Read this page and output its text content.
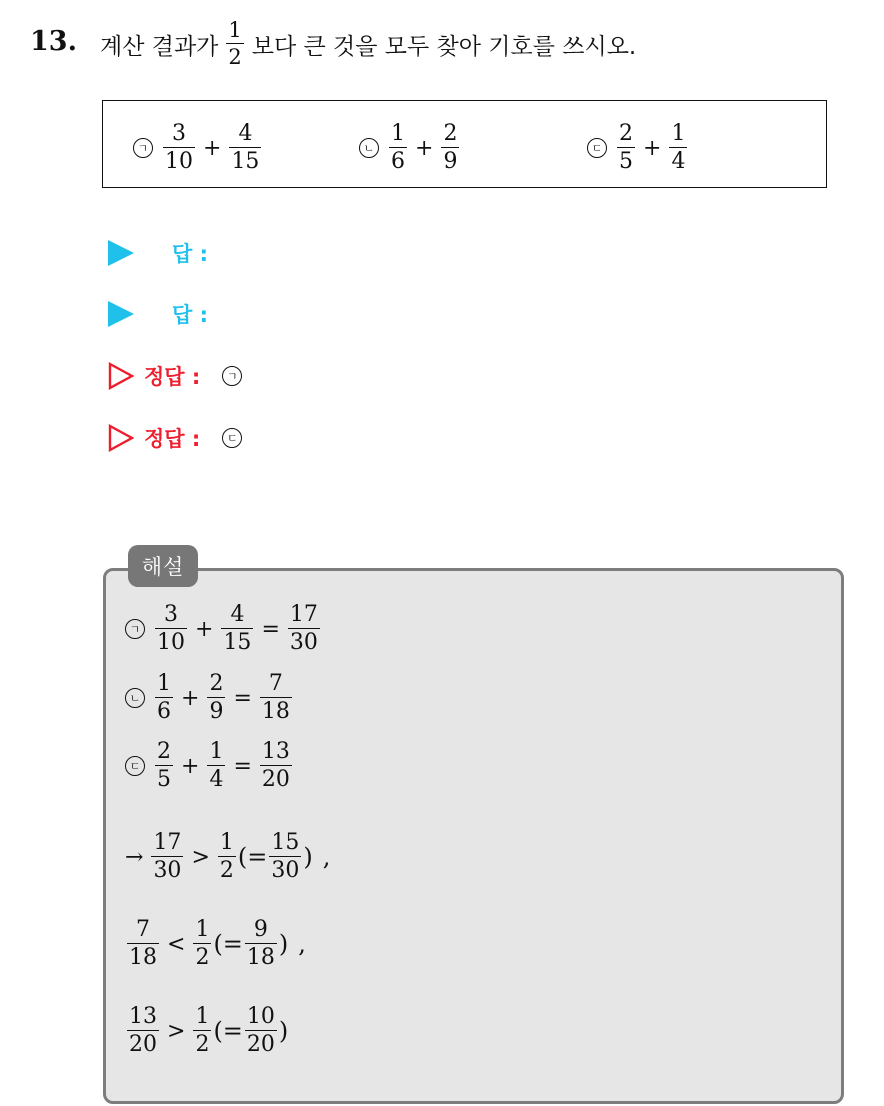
13. 계산 결과가 $\frac{1}{2}$ 보다 큰 것을 모두 찾아 기호를 쓰시오.
ㄱ $\frac{3}{10} + \frac{4}{15}$	ㄴ $\frac{1}{6} + \frac{2}{9}$	ㄷ $\frac{2}{5} + \frac{1}{4}$
답 :
답 :
정답 :	ㄱ
정답 :	ㄷ
해설
ㄱ $\frac{3}{10} + \frac{4}{15} = \frac{17}{30}$
ㄴ $\frac{1}{6} + \frac{2}{9} = \frac{7}{18}$
ㄷ $\frac{2}{5} + \frac{1}{4} = \frac{13}{20}$
→ $\frac{17}{30} > \frac{1}{2}$ (= $\frac{15}{30}$ ) ,
$\frac{7}{18} < \frac{1}{2}$ (= $\frac{9}{18}$ ) ,
$\frac{13}{20} > \frac{1}{2}$ (= $\frac{10}{20}$ )
